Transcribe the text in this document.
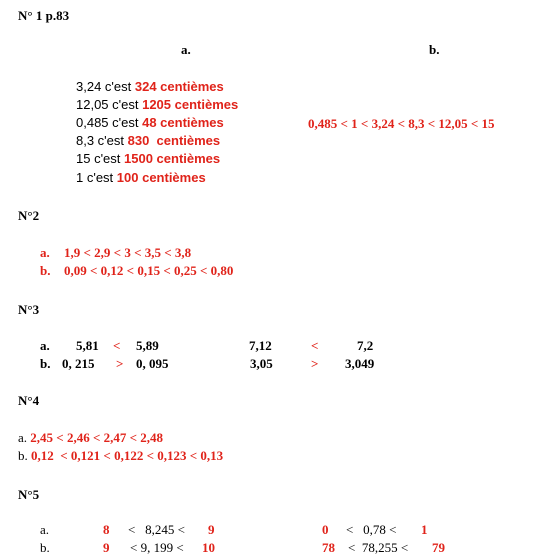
N° 1 p.83
a.	b.
3,24 c'est 324 centièmes
12,05 c'est 1205 centièmes
0,485 c'est 48 centièmes
8,3 c'est 830  centièmes
15 c'est 1500 centièmes
1 c'est 100 centièmes
0,485 < 1 < 3,24 < 8,3 < 12,05 < 15
N°2
a. 1,9 < 2,9 < 3 < 3,5 < 3,8
b. 0,09 < 0,12 < 0,15 < 0,25 < 0,80
N°3
a. 5,81 < 5,89	7,12	<	7,2
b. 0, 215 > 0, 095	3,05	> 3,049
N°4
a. 2,45 < 2,46 < 2,47 < 2,48
b. 0,12  < 0,121 < 0,122 < 0,123 < 0,13
N°5
a.	8 <   8,245 < 9	0 <   0,78 < 1
b.	9 < 9, 199 < 10	78 <  78,255 < 79
